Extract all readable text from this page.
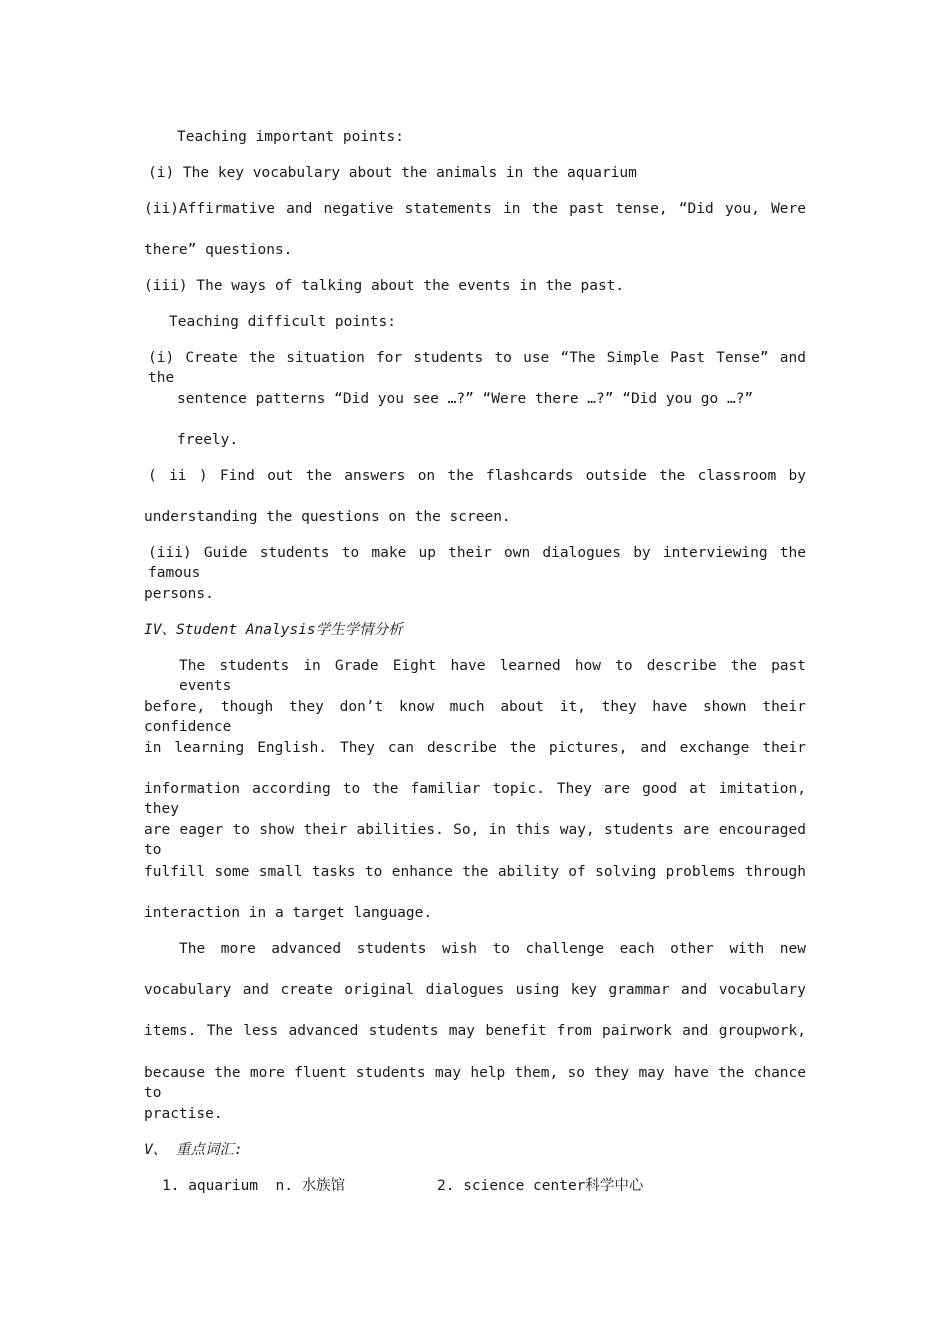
Teaching important points:
(i) The key vocabulary about the animals in the aquarium
(ii)Affirmative and negative statements in the past tense, “Did you, Were
there” questions.
(iii) The ways of talking about the events in the past.
Teaching difficult points:
(i) Create the situation for students to use “The Simple Past Tense” and the
sentence patterns “Did you see …?” “Were there …?” “Did you go …?”
freely.
( ii ) Find out the answers on the flashcards outside the classroom by
understanding the questions on the screen.
(iii) Guide students to make up their own dialogues by interviewing the famous
persons.
IV、Student Analysis学生学情分析
The students in Grade Eight have learned how to describe the past events
before, though they don’t know much about it, they have shown their confidence
in learning English. They can describe the pictures, and exchange their
information according to the familiar topic. They are good at imitation, they
are eager to show their abilities. So, in this way, students are encouraged to
fulfill some small tasks to enhance the ability of solving problems through
interaction in a target language.
The more advanced students wish to challenge each other with new
vocabulary and create original dialogues using key grammar and vocabulary
items. The less advanced students may benefit from pairwork and groupwork,
because the more fluent students may help them, so they may have the chance to
practise.
V、 重点词汇:
1. aquarium  n. 水族馆	2. science center科学中心
